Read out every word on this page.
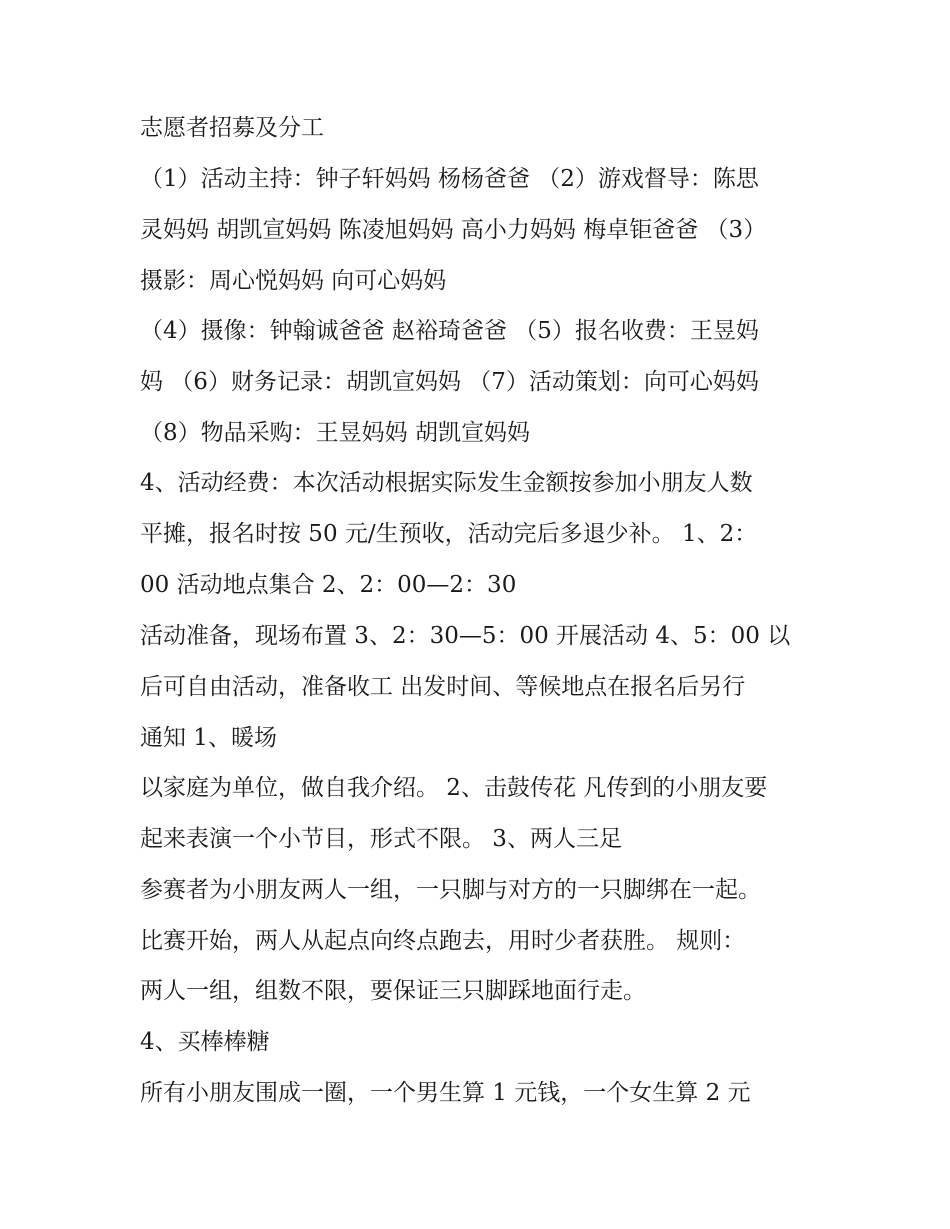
志愿者招募及分工
（1）活动主持：钟子轩妈妈 杨杨爸爸 （2）游戏督导：陈思
灵妈妈 胡凯宣妈妈 陈凌旭妈妈 高小力妈妈 梅卓钜爸爸 （3）
摄影：周心悦妈妈 向可心妈妈
（4）摄像：钟翰诚爸爸 赵裕琦爸爸 （5）报名收费：王昱妈
妈 （6）财务记录：胡凯宣妈妈 （7）活动策划：向可心妈妈
（8）物品采购：王昱妈妈 胡凯宣妈妈
4、活动经费：本次活动根据实际发生金额按参加小朋友人数
平摊，报名时按 50 元/生预收，活动完后多退少补。 1、2：
00 活动地点集合 2、2：00—2：30
活动准备，现场布置 3、2：30—5：00 开展活动 4、5：00 以
后可自由活动，准备收工 出发时间、等候地点在报名后另行
通知 1、暖场
以家庭为单位，做自我介绍。 2、击鼓传花 凡传到的小朋友要
起来表演一个小节目，形式不限。 3、两人三足
参赛者为小朋友两人一组，一只脚与对方的一只脚绑在一起。
比赛开始，两人从起点向终点跑去，用时少者获胜。 规则：
两人一组，组数不限，要保证三只脚踩地面行走。
4、买棒棒糖
所有小朋友围成一圈，一个男生算 1 元钱，一个女生算 2 元
